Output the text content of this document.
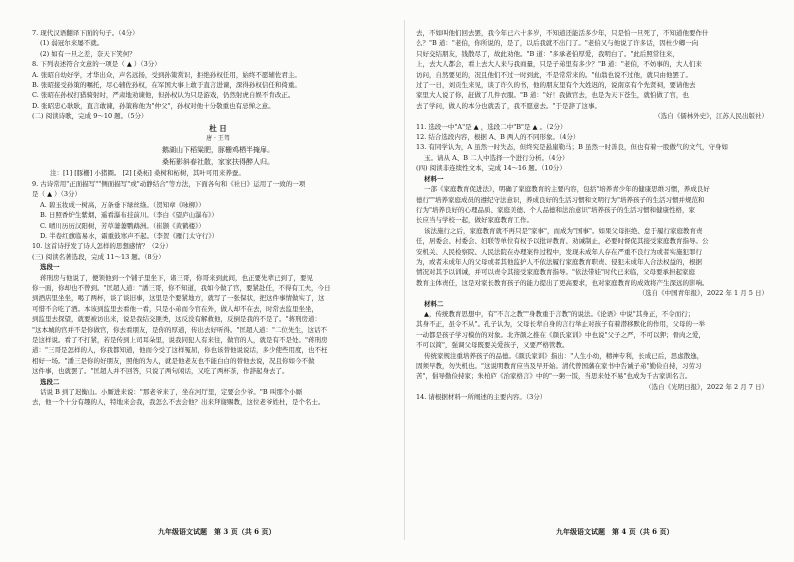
7. 现代汉语翻译下面的句子。（4分）
(1) 弱冠尔来屡不就。
(2) 如有一旦之差，奈天下笑何？
8. 下列表述符合文意的一项是（ ▲ ）（3分）
A. 张昭自幼好学，才华出众，声名远扬，受到孙策赏识，拒绝孙权任用，始终不愿辅佐君主。
B. 张昭接受孙策的嘱托，尽心辅佐孙权，在军国大事上敢于直言进谏，深得孙权信任和倚重。
C. 张昭在孙权打猎骑射时，严肃地劝谏他，但孙权认为只是游戏，仍然射虎自娱不肯改正。
D. 张昭忠心耿耿，直言敢谏，孙策称他为"仲父"，孙权对他十分敬重也有忌惮之意。
(二) 阅读诗歌，完成 9～10 题。（5分）
杜 日
唐 · 王驾
鹅湖山下稻粱肥，豚栅鸡栖半掩扉。
桑柘影斜春社散，家家扶得醉人归。
注：[1] [豚栅] 小猪圈。 [2] [桑柘] 桑树和柘树，其叶可用来养蚕。
9. 古诗常用"正面描写""侧面描写"或"动静结合"等方法，下面各句和《社日》运用了一致的一项
是（ ▲ ）（3分）
A. 碧玉妆成一树高，万条垂下绿丝绦。（贺知章《咏柳》）
B. 日照香炉生紫烟，遥看瀑布挂前川。（李白《望庐山瀑布》）
C. 晴川历历汉阳树，芳草萋萋鹦鹉洲。（崔颢《黄鹤楼》）
D. 半卷红旗临易水，霜重鼓寒声不起。（李贺《雁门太守行》）
10. 这首诗抒发了诗人怎样的思想感情？（2分）
(三) 阅读名著选段，完成 11～13 题。（8分）
选段一
蒋刑房与他说了，便领他到一个铺子里坐下，诸三哥，你哥来到此间，也正要先辈已到了，要见
你一面，你却也不曾到。"匡超人道："潘三哥，你不知道，我如今做了官，要紧赴任，不得有工夫，今日
到酒店里坐坐，喝了两杯，谈了谈旧事，这里是个要紧地方，就写了一张保状，把这件事情做实了，这
可惜不合吃了酒。本该到监里去看他一看，只是小弟而今官在外，做人却不在去，时常去监里坐坐，
到监里去探望，就要被访出来，说是我结交匪类，这反没有解救他，反倒是我的不是了。"蒋刑房道：
"这本城的官并不是你做官，你去看朋友，是你的厚道，传出去好听得。"匡超人道："二位先生，这话不
是这样说。看了不打紧，若是传到上司耳朵里，说我同犯人有来往，做官的人，就是有不是处。"蒋刑房
道："三哥是怎样的人，你我都知道，他而今受了这样冤屈，你也该替他说说话，多少使些用度，也不枉
相好一场。"潘三是你的好朋友，照他的为人，就是他老友也不能白白的替他去说，况且你如今不做
这件事，也就罢了。"匡超人并不回答，只说了两句闲话，又吃了两杯茶，作辞起身去了。
选段二
话说 B 到了迟衡山。小厮进来说："那老爷来了，坐在河厅里，定要会少爷。"B 叫那个小厮
去，他一个十分有趣的人，特地来会我，我怎么不去会他？出来拜谢赐教，这位老爷姓杜，是个名士。
去，不如叫他们回去罢，我今年已六十多岁，不知道还能活多少年，只是怕一旦死了，不知道他要作什
么？"B 道："老伯，你所说的，是了，以后我就不出门了。"老伯又与他说了许多话，因杜少卿一向
只好交结朋友，钱散尽了，故此劝他。"B 道："多承老伯厚爱，我明白了。"此后照常往来，
上，去大人都会，看上去大人来与我商量，只是子弟里有多少？"B 道："老伯，不妨事的，大人们来
访问，自然要见的，况且他们不过一时到此，不是常常来的。"仙翁也说不过他，就只由他罢了。
过了一日，刘贡生来见，谈了许久的书，他的朋友里有个大姓迟的，说南京有个先贤祠，要请他去
家里大人说了你，赶做了几件衣服。"B 道："好！我做官去，也是为天下苍生，就怕做了官，也
去了学问，做人的本分也就丢了，我不愿意去。"于是辞了这事。
（选自《儒林外史》，江苏人民出版社）
11. 选段一中"A"是 ▲ ，选段二中"B"是 ▲ 。（2分）
12. 结合选段内容，根据 A、B 两人的不同形象。（4分）
13. 有同学认为，A 虽然一时失态，但终究是悬崖勒马；B 虽然一时善良，但也有着一股傲气的文气，守身如
玉。请从 A、B 二人中选择一个进行分析。（4分）
(四) 阅读非连续性文本，完成 14～16 题。（10分）
材料一
一部《家庭教育促进法》，明确了家庭教育的主要内容，包括"培养青少年的健康思维习惯，养成良好
德行""培养家庭成员的遵纪守法意识，养成良好的生活习惯和文明行为"培养孩子的生活习惯并规范和
行为"培养良好的心理品质、家庭美德、个人品德和法治意识"培养孩子的生活习惯和健康性格，家
长应当与学校一起，做好家庭教育工作。
该法施行之后，家庭教育就不再只是"家事"，而成为"国事"。如果父母拒绝、怠于履行家庭教育责
任，居委会、村委会、妇联等单位有权予以批评教育、劝诫制止，必要时督促其接受家庭教育指导。公
安机关、人民检察院、人民法院在办理案件过程中，发现未成年人存在严重不良行为或者实施犯罪行
为，或者未成年人的父母或者其他监护人不依法履行家庭教育职责、侵犯未成年人合法权益的，根据
情况对其予以训诫，并可以责令其接受家庭教育指导。"依法带娃"时代已来临，父母要承担起家庭
教育主体责任，这是对家长教育孩子的能力提出了更高要求，也对家庭教育的成效将产生深远的影响。
（选自《中国青年报》，2022 年 1 月 5 日）
材料二
▲，传统教育思想中，有"不言之教""身教重于言教"的说法。《论语》中说"其身正，不令而行；
其身不正，虽令不从"。孔子认为，父母长辈自身的言行举止对孩子有着潜移默化的作用，父母的一举
一动都是孩子学习模仿的对象。北齐颜之推在《颜氏家训》中也说"父子之严，不可以狎；骨肉之爱，
不可以简"，强调父母既要关爱孩子，又要严格管教。
传统家规注重培养孩子的品德。《颜氏家训》指出："人生小幼，精神专利，长成已后，思虑散逸，
固须早教，勿失机也。"这说明教育应当及早开始。清代曾国藩在家书中告诫子弟"勤俭自持，习劳习
苦"，倡导勤俭持家；朱柏庐《治家格言》中的"一粥一饭，当思来处不易"也成为千古家训名言。
（选自《光明日报》，2022 年 2 月 7 日）
14. 请根据材料一所阐述的主要内容。（3分）
九年级语文试题　第 3 页（共 6 页）	九年级语文试题　第 4 页（共 6 页）
